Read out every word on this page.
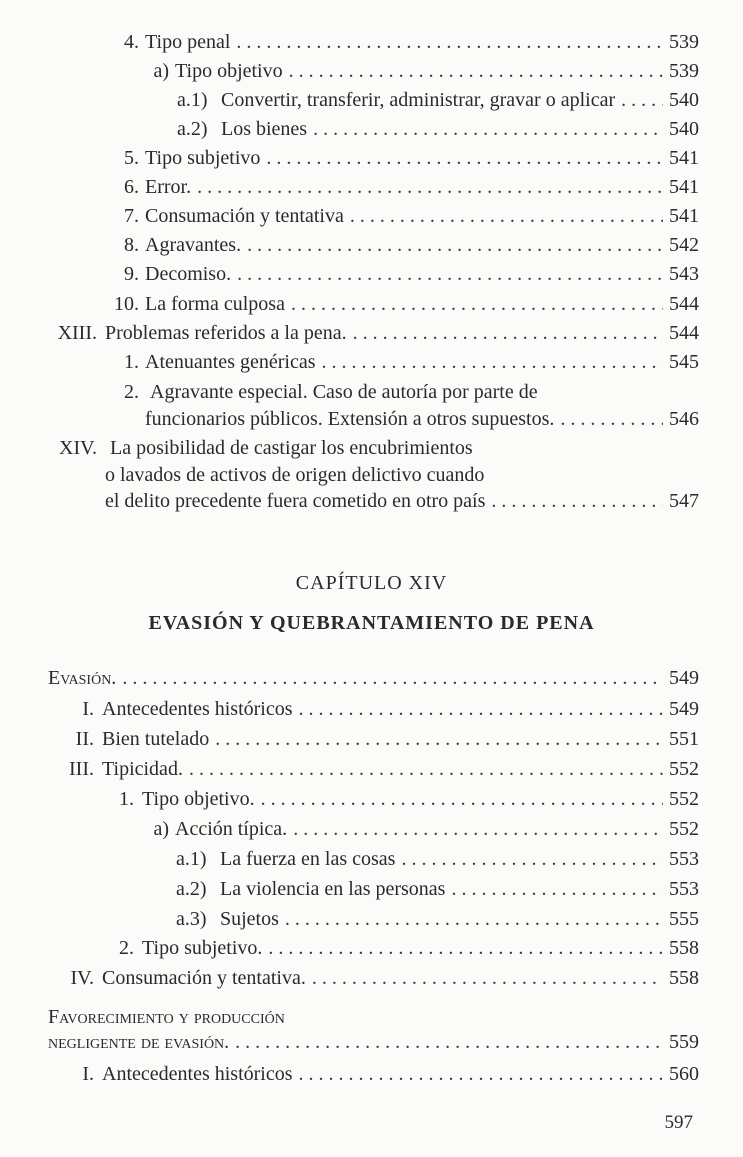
4. Tipo penal . . .	539
a) Tipo objetivo . . .	539
a.1) Convertir, transferir, administrar, gravar o aplicar . . .	540
a.2) Los bienes . . .	540
5. Tipo subjetivo . . .	541
6. Error. . . .	541
7. Consumación y tentativa . . .	541
8. Agravantes. . . .	542
9. Decomiso. . . .	543
10. La forma culposa . . .	544
XIII. Problemas referidos a la pena. . . .	544
1. Atenuantes genéricas . . .	545
2. Agravante especial. Caso de autoría por parte de
funcionarios públicos. Extensión a otros supuestos. . . .	546
XIV. La posibilidad de castigar los encubrimientos
o lavados de activos de origen delictivo cuando
el delito precedente fuera cometido en otro país . . .	547
CAPÍTULO XIV
EVASIÓN Y QUEBRANTAMIENTO DE PENA
Evasión. . . .	549
I. Antecedentes históricos . . .	549
II. Bien tutelado . . .	551
III. Tipicidad. . . .	552
1. Tipo objetivo. . . .	552
a) Acción típica. . . .	552
a.1) La fuerza en las cosas . . .	553
a.2) La violencia en las personas . . .	553
a.3) Sujetos . . .	555
2. Tipo subjetivo. . . .	558
IV. Consumación y tentativa. . . .	558
Favorecimiento y producción
negligente de evasión. . . .	559
I. Antecedentes históricos . . .	560
597
